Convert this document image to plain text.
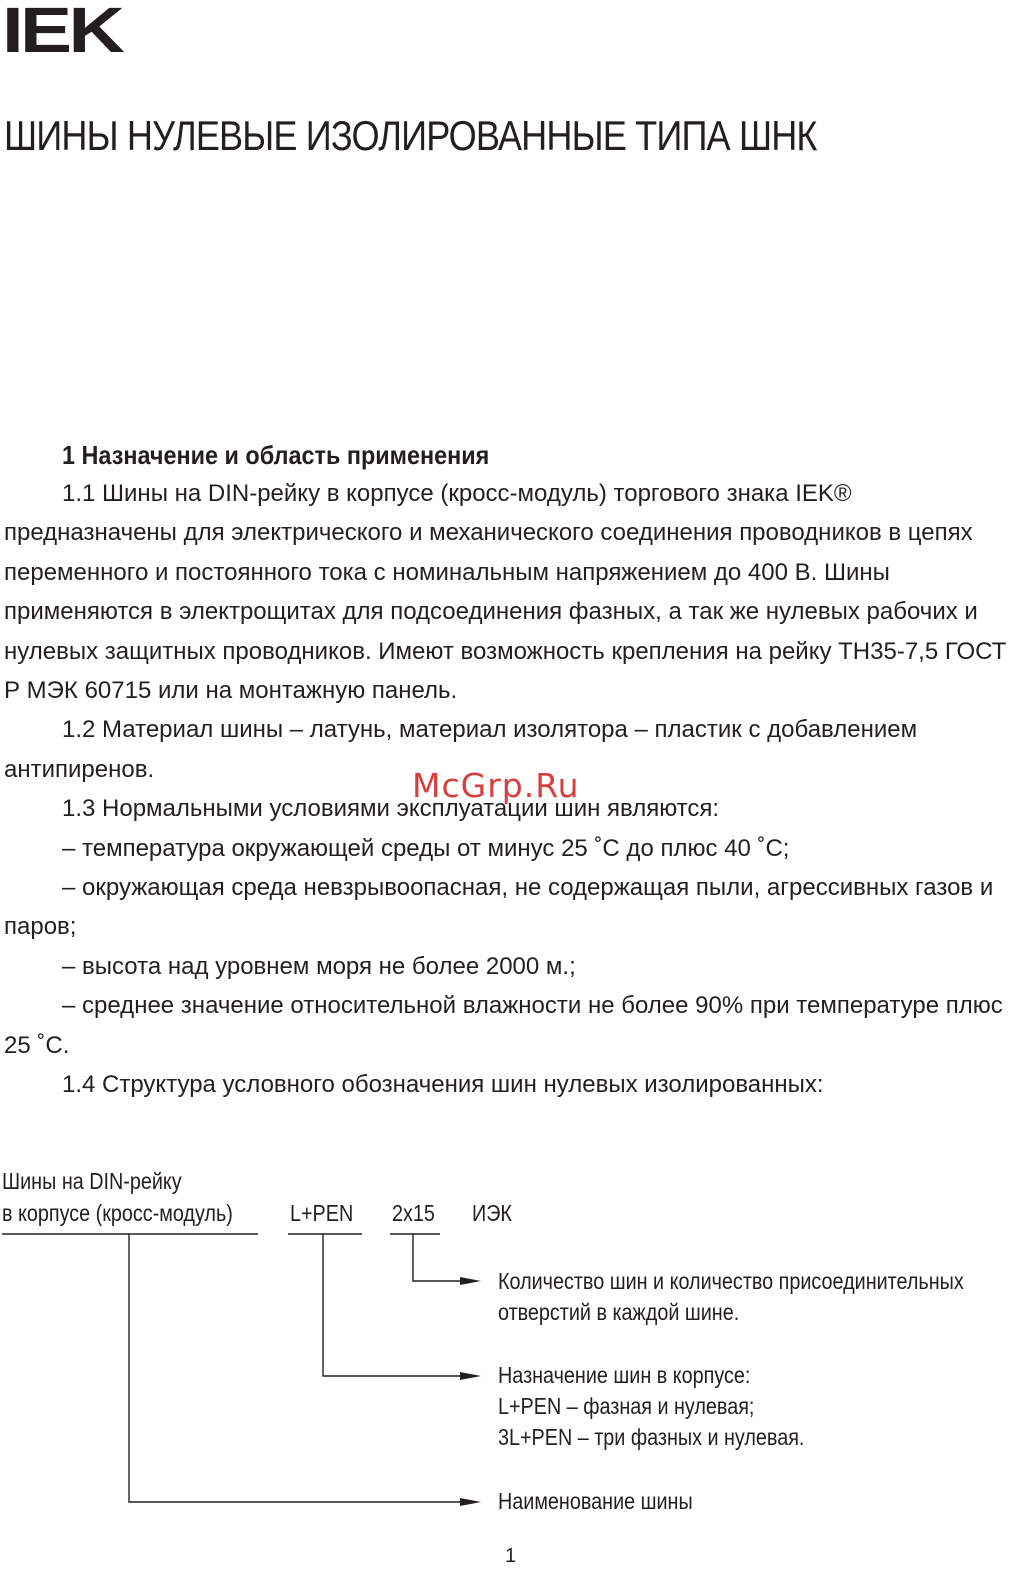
IEK
ШИНЫ НУЛЕВЫЕ ИЗОЛИРОВАННЫЕ ТИПА ШНК
1 Назначение и область применения

1.1 Шины на DIN-рейку в корпусе (кросс-модуль) торгового знака IEK® предназначены для электрического и механического соединения проводников в цепях переменного и постоянного тока с номинальным напряжением до 400 В. Шины применяются в электрощитах для подсоединения фазных, а так же нулевых рабочих и нулевых защитных проводников. Имеют возможность крепления на рейку ТН35-7,5 ГОСТ Р МЭК 60715 или на монтажную панель.

1.2 Материал шины – латунь, материал изолятора – пластик с добавлением антипиренов.

1.3 Нормальными условиями эксплуатации шин являются:

– температура окружающей среды от минус 25 ˚С до плюс 40 ˚С;

– окружающая среда невзрывоопасная, не содержащая пыли, агрессивных газов и паров;

– высота над уровнем моря не более 2000 м.;

– среднее значение относительной влажности не более 90% при температуре плюс 25 ˚С.

1.4 Структура условного обозначения шин нулевых изолированных:

McGrp.Ru
Шины на DIN-рейку
в корпусе (кросс-модуль) L+PEN 2x15 ИЭК
Количество шин и количество присоединительных
отверстий в каждой шине.
Назначение шин в корпусе:
L+PEN – фазная и нулевая;
3L+PEN – три фазных и нулевая.
Наименование шины
1
